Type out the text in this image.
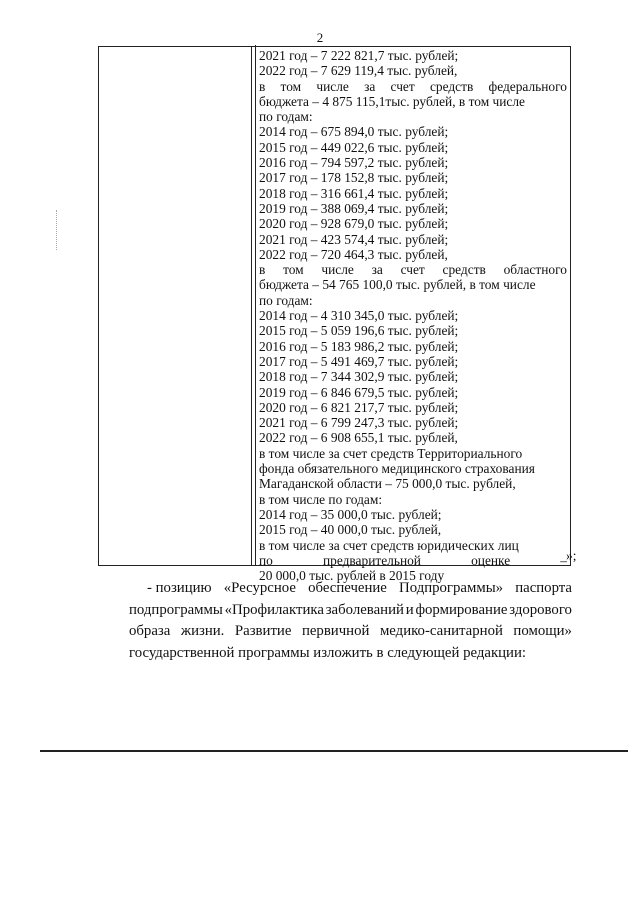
2
2021 год – 7 222 821,7 тыс. рублей;
2022 год – 7 629 119,4 тыс. рублей,
в том числе за счет средств федерального
бюджета – 4 875 115,1тыс. рублей, в том числе
по годам:
2014 год – 675 894,0 тыс. рублей;
2015 год – 449 022,6 тыс. рублей;
2016 год – 794 597,2 тыс. рублей;
2017 год – 178 152,8 тыс. рублей;
2018 год – 316 661,4 тыс. рублей;
2019 год – 388 069,4 тыс. рублей;
2020 год – 928 679,0 тыс. рублей;
2021 год – 423 574,4 тыс. рублей;
2022 год – 720 464,3 тыс. рублей,
в том числе за счет средств областного
бюджета – 54 765 100,0 тыс. рублей, в том числе
по годам:
2014 год – 4 310 345,0 тыс. рублей;
2015 год – 5 059 196,6 тыс. рублей;
2016 год – 5 183 986,2 тыс. рублей;
2017 год – 5 491 469,7 тыс. рублей;
2018 год – 7 344 302,9 тыс. рублей;
2019 год – 6 846 679,5 тыс. рублей;
2020 год – 6 821 217,7 тыс. рублей;
2021 год – 6 799 247,3 тыс. рублей;
2022 год – 6 908 655,1 тыс. рублей,
в том числе за счет средств Территориального
фонда обязательного медицинского страхования
Магаданской области – 75 000,0 тыс. рублей,
в том числе по годам:
2014 год – 35 000,0 тыс. рублей;
2015 год – 40 000,0 тыс. рублей,
в том числе за счет средств юридических лиц
по	предварительной	оценке	–
20 000,0 тыс. рублей в 2015 году
»;
- позицию «Ресурсное обеспечение Подпрограммы» паспорта
подпрограммы «Профилактика заболеваний и формирование здорового
образа жизни. Развитие первичной медико-санитарной помощи»
государственной программы изложить в следующей редакции:
